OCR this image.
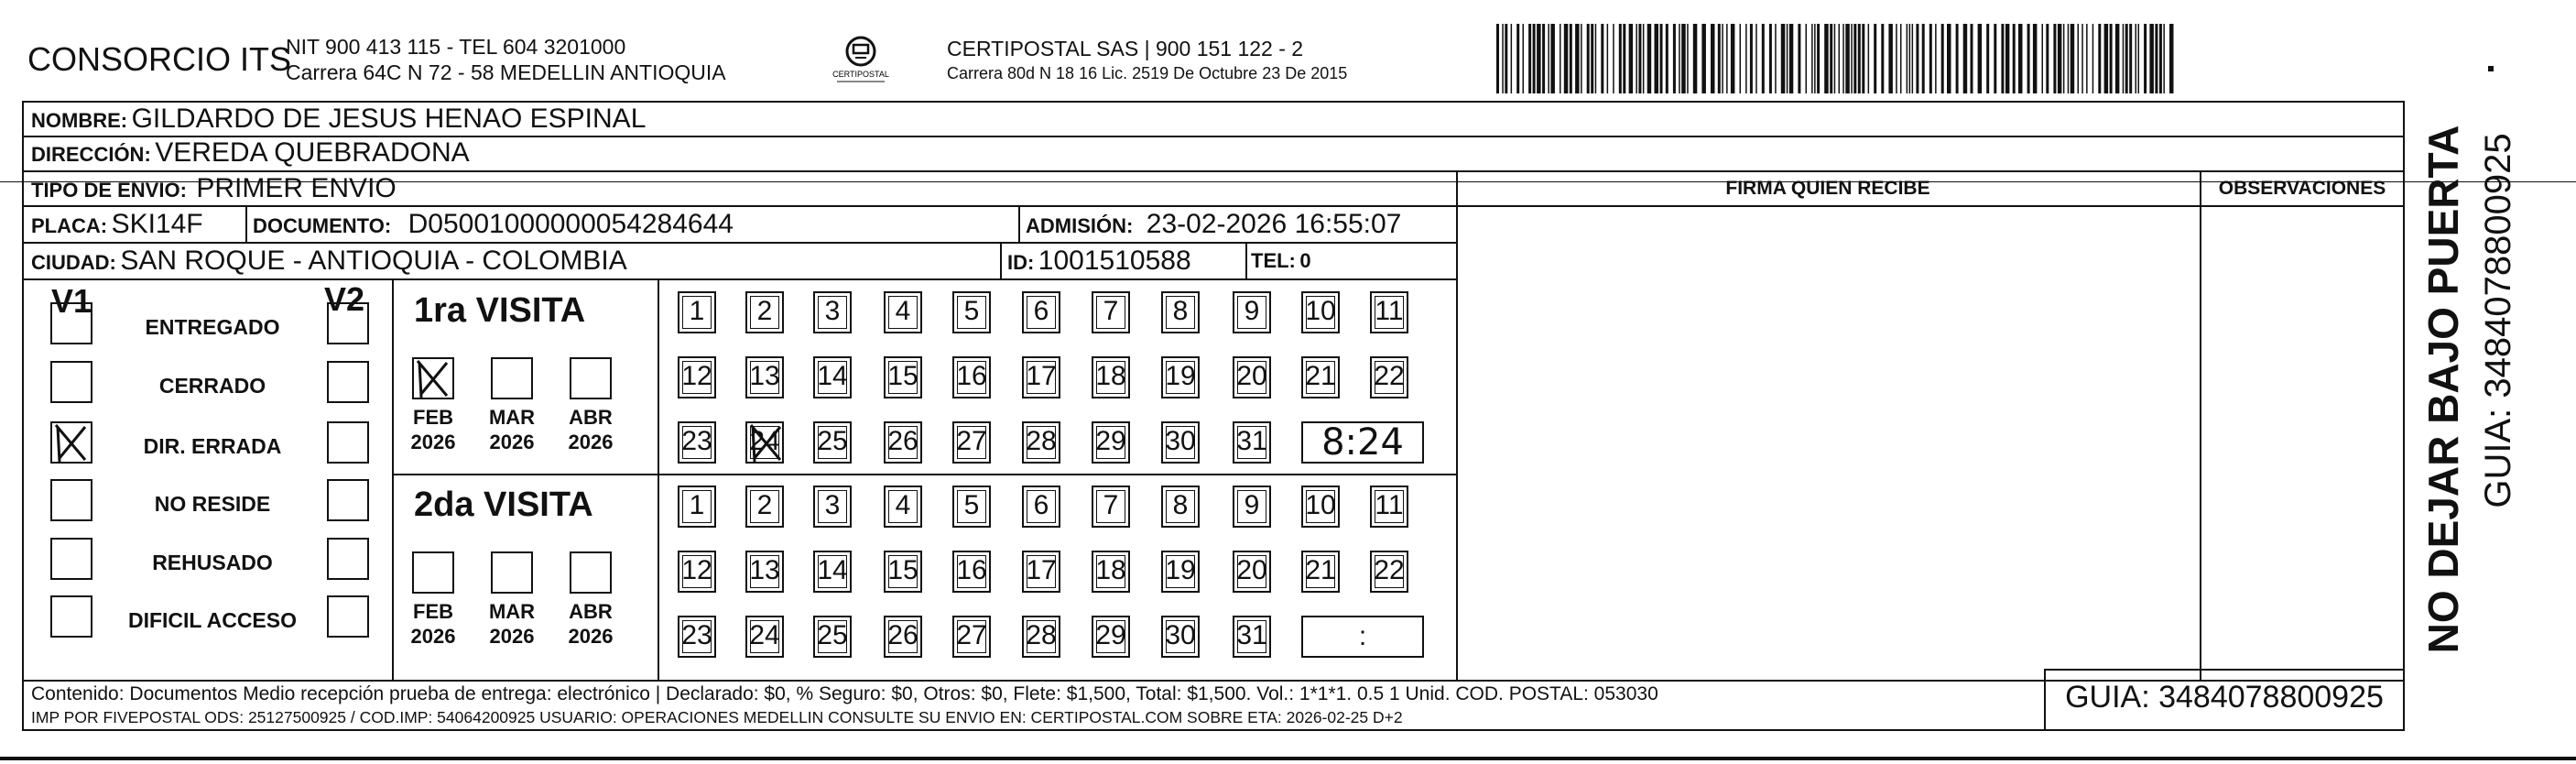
CONSORCIO ITS
NIT 900 413 115 - TEL 604 3201000
Carrera 64C N 72 - 58 MEDELLIN ANTIOQUIA	CERTIPOSTAL
CERTIPOSTAL SAS | 900 151 122 - 2
Carrera 80d N 18 16 Lic. 2519 De Octubre 23 De 2015
NOMBRE: GILDARDO DE JESUS HENAO ESPINAL
DIRECCIÓN: VEREDA QUEBRADONA
TIPO DE ENVIO: PRIMER ENVIO	FIRMA QUIEN RECIBE	OBSERVACIONES
PLACA: SKI14F DOCUMENTO: D05001000000054284644	ADMISIÓN: 23-02-2026 16:55:07
CIUDAD: SAN ROQUE - ANTIOQUIA - COLOMBIA	ID: 1001510588	TEL: 0
V1	V2
ENTREGADO
CERRADO
DIR. ERRADA
NO RESIDE
REHUSADO
DIFICIL ACCESO
1ra VISITA
FEB
2026
MAR
2026
ABR
2026
1	2	3	4	5	6	7	8	9	10 11
12 13 14 15 16 17 18 19 20 21 22
23 24 25 26 27 28 29 30 31	8:24
2da VISITA
FEB
2026
MAR
2026
ABR
2026
1	2	3	4	5	6	7	8	9	10 11
12 13 14 15 16 17 18 19 20 21 22
23 24 25 26 27 28 29 30 31	:
Contenido: Documentos Medio recepción prueba de entrega: electrónico | Declarado: $0, % Seguro: $0, Otros: $0, Flete: $1,500, Total: $1,500. Vol.: 1*1*1. 0.5 1 Unid. COD. POSTAL: 053030
IMP POR FIVEPOSTAL ODS: 25127500925 / COD.IMP: 54064200925 USUARIO: OPERACIONES MEDELLIN CONSULTE SU ENVIO EN: CERTIPOSTAL.COM SOBRE ETA: 2026-02-25 D+2
GUIA: 3484078800925
NO DEJAR BAJO PUERTA GUIA: 3484078800925
